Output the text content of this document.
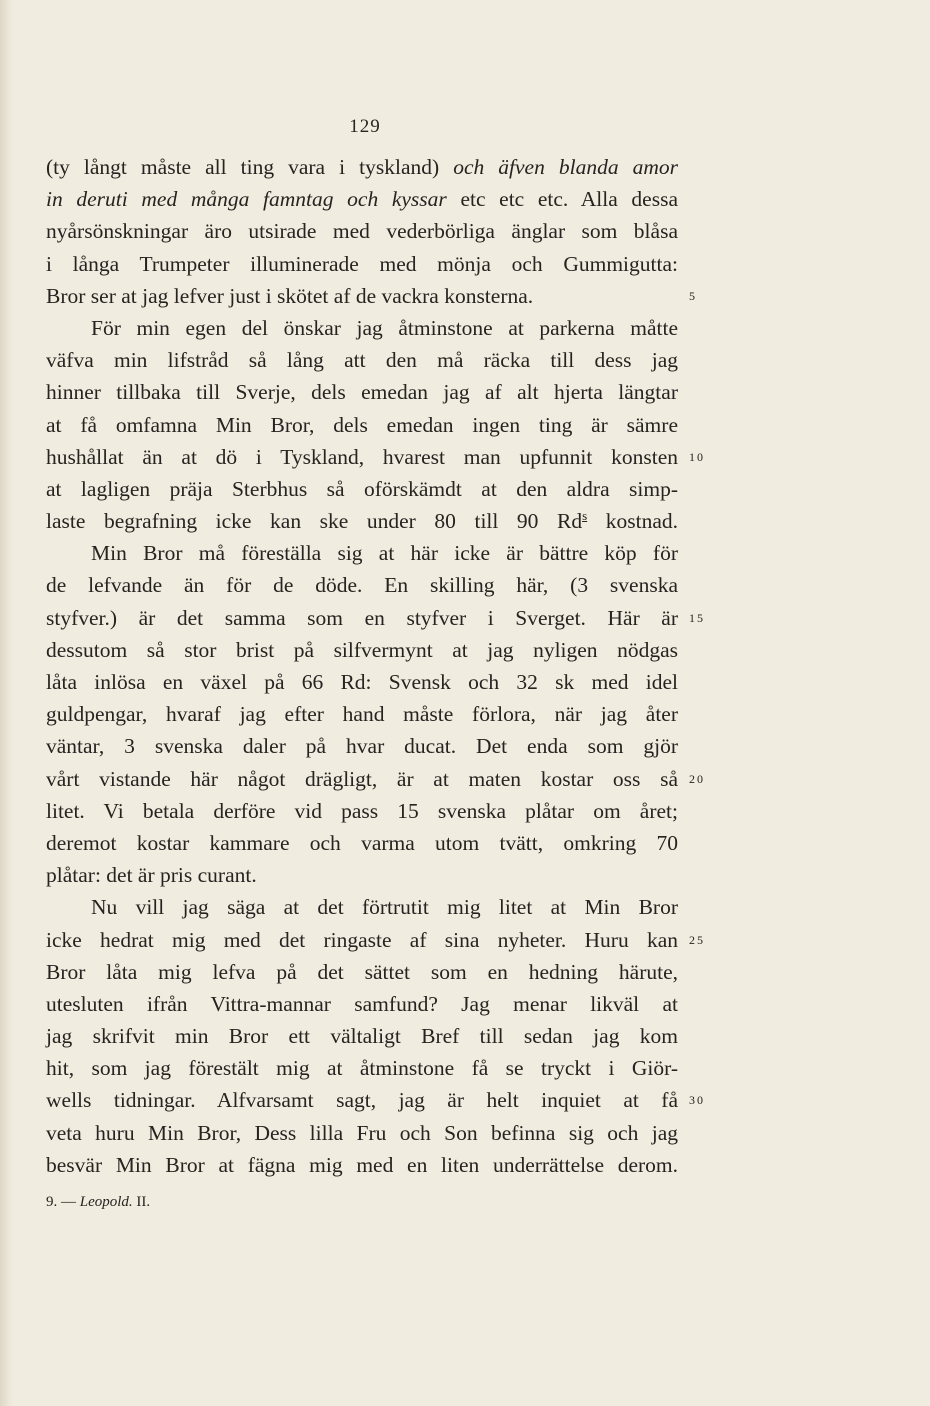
129
(ty långt måste all ting vara i tyskland) och äfven blanda amor
in deruti med många famntag och kyssar etc etc etc. Alla dessa
nyårsönskningar äro utsirade med vederbörliga änglar som blåsa
i långa Trumpeter illuminerade med mönja och Gummigutta:
Bror ser at jag lefver just i skötet af de vackra konsterna.	5
För min egen del önskar jag åtminstone at parkerna måtte
väfva min lifstråd så lång att den må räcka till dess jag
hinner tillbaka till Sverje, dels emedan jag af alt hjerta längtar
at få omfamna Min Bror, dels emedan ingen ting är sämre
hushållat än at dö i Tyskland, hvarest man upfunnit konsten 10
at lagligen präja Sterbhus så oförskämdt at den aldra simp-
laste begrafning icke kan ske under 80 till 90 Rd$^s$ kostnad.
Min Bror må föreställa sig at här icke är bättre köp för
de lefvande än för de döde. En skilling här, (3 svenska
styfver.) är det samma som en styfver i Sverget. Här är 15
dessutom så stor brist på silfvermynt at jag nyligen nödgas
låta inlösa en växel på 66 Rd: Svensk och 32 sk med idel
guldpengar, hvaraf jag efter hand måste förlora, när jag åter
väntar, 3 svenska daler på hvar ducat. Det enda som gjör
vårt vistande här något drägligt, är at maten kostar oss så 20
litet. Vi betala derföre vid pass 15 svenska plåtar om året;
deremot kostar kammare och varma utom tvätt, omkring 70
plåtar: det är pris curant.
Nu vill jag säga at det förtrutit mig litet at Min Bror
icke hedrat mig med det ringaste af sina nyheter. Huru kan 25
Bror låta mig lefva på det sättet som en hedning härute,
utesluten ifrån Vittra-mannar samfund? Jag menar likväl at
jag skrifvit min Bror ett vältaligt Bref till sedan jag kom
hit, som jag förestält mig at åtminstone få se tryckt i Giör-
wells tidningar. Alfvarsamt sagt, jag är helt inquiet at få 30
veta huru Min Bror, Dess lilla Fru och Son befinna sig och jag
besvär Min Bror at fägna mig med en liten underrättelse derom.
9. — Leopold. II.
